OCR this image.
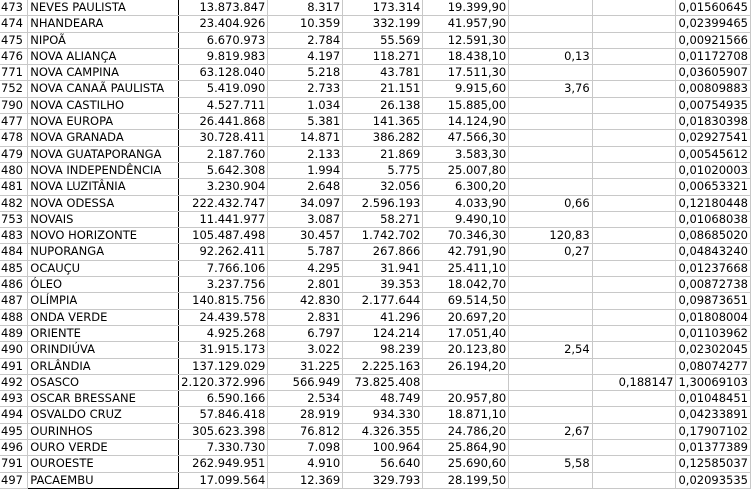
473	NEVES PAULISTA	13.873.847	8.317	173.314	19.399,90			0,01560645
474	NHANDEARA	23.404.926	10.359	332.199	41.957,90			0,02399465
475	NIPOÃ	6.670.973	2.784	55.569	12.591,30			0,00921566
476	NOVA ALIANÇA	9.819.983	4.197	118.271	18.438,10	0,13		0,01172708
771	NOVA CAMPINA	63.128.040	5.218	43.781	17.511,30			0,03605907
752	NOVA CANAÃ PAULISTA	5.419.090	2.733	21.151	9.915,60	3,76		0,00809883
790	NOVA CASTILHO	4.527.711	1.034	26.138	15.885,00			0,00754935
477	NOVA EUROPA	26.441.868	5.381	141.365	14.124,90			0,01830398
478	NOVA GRANADA	30.728.411	14.871	386.282	47.566,30			0,02927541
479	NOVA GUATAPORANGA	2.187.760	2.133	21.869	3.583,30			0,00545612
480	NOVA INDEPENDÊNCIA	5.642.308	1.994	5.775	25.007,80			0,01020003
481	NOVA LUZITÂNIA	3.230.904	2.648	32.056	6.300,20			0,00653321
482	NOVA ODESSA	222.432.747	34.097	2.596.193	4.033,90	0,66		0,12180448
753	NOVAIS	11.441.977	3.087	58.271	9.490,10			0,01068038
483	NOVO HORIZONTE	105.487.498	30.457	1.742.702	70.346,30	120,83		0,08685020
484	NUPORANGA	92.262.411	5.787	267.866	42.791,90	0,27		0,04843240
485	OCAUÇU	7.766.106	4.295	31.941	25.411,10			0,01237668
486	ÓLEO	3.237.756	2.801	39.353	18.042,70			0,00872738
487	OLÍMPIA	140.815.756	42.830	2.177.644	69.514,50			0,09873651
488	ONDA VERDE	24.439.578	2.831	41.296	20.697,20			0,01808004
489	ORIENTE	4.925.268	6.797	124.214	17.051,40			0,01103962
490	ORINDIÚVA	31.915.173	3.022	98.239	20.123,80	2,54		0,02302045
491	ORLÂNDIA	137.129.029	31.225	2.225.163	26.194,20			0,08074277
492	OSASCO	2.120.372.996	566.949	73.825.408			0,188147	1,30069103
493	OSCAR BRESSANE	6.590.166	2.534	48.749	20.957,80			0,01048451
494	OSVALDO CRUZ	57.846.418	28.919	934.330	18.871,10			0,04233891
495	OURINHOS	305.623.398	76.812	4.326.355	24.786,20	2,67		0,17907102
496	OURO VERDE	7.330.730	7.098	100.964	25.864,90			0,01377389
791	OUROESTE	262.949.951	4.910	56.640	25.690,60	5,58		0,12585037
497	PACAEMBU	17.099.564	12.369	329.793	28.199,50			0,02093535
